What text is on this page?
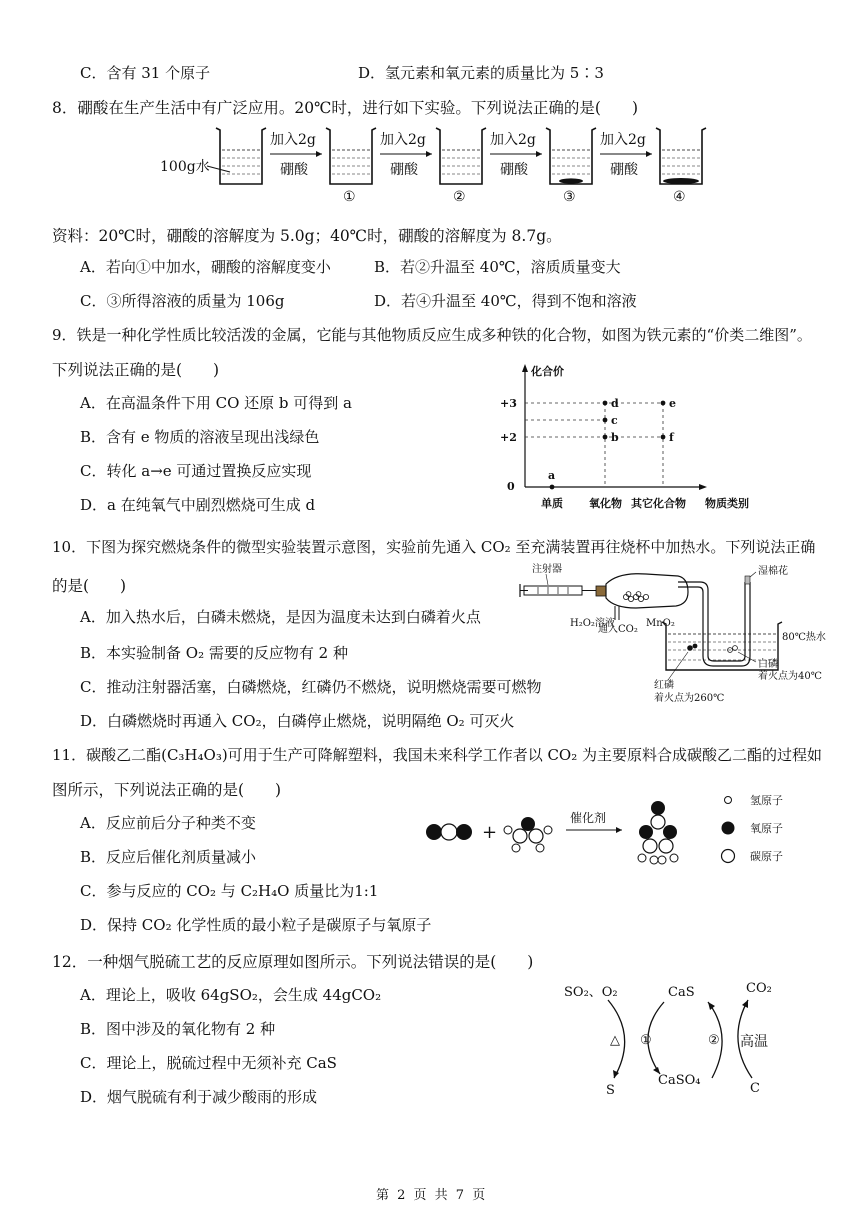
C．含有 31 个原子	D．氢元素和氧元素的质量比为 5∶3
8．硼酸在生产生活中有广泛应用。20℃时，进行如下实验。下列说法正确的是(　　)
100g水
加入2g
硼酸
①
加入2g
硼酸
②
加入2g
硼酸
③
加入2g
硼酸
④
资料：20℃时，硼酸的溶解度为 5.0g；40℃时，硼酸的溶解度为 8.7g。
A．若向①中加水，硼酸的溶解度变小	B．若②升温至 40℃，溶质质量变大
C．③所得溶液的质量为 106g	D．若④升温至 40℃，得到不饱和溶液
9．铁是一种化学性质比较活泼的金属，它能与其他物质反应生成多种铁的化合物，如图为铁元素的“价类二维图”。
下列说法正确的是(　　)
A．在高温条件下用 CO 还原 b 可得到 a
B．含有 e 物质的溶液呈现出浅绿色
C．转化 a→e 可通过置换反应实现
D．a 在纯氧气中剧烈燃烧可生成 d
化合价
+3
+2
0
a
b
c
d	e
f
单质 氧化物 其它化合物 物质类别
10．下图为探究燃烧条件的微型实验装置示意图，实验前先通入 CO₂ 至充满装置再往烧杯中加热水。下列说法正确
的是(　　)
A．加入热水后，白磷未燃烧，是因为温度未达到白磷着火点
B．本实验制备 O₂ 需要的反应物有 2 种
C．推动注射器活塞，白磷燃烧，红磷仍不燃烧，说明燃烧需要可燃物
D．白磷燃烧时再通入 CO₂，白磷停止燃烧，说明隔绝 O₂ 可灭火
注射器
H₂O₂溶液
通入CO₂
MnO₂
湿棉花
80℃热水
白磷
着火点为40℃
红磷
着火点为260℃
11．碳酸乙二酯(C₃H₄O₃)可用于生产可降解塑料，我国未来科学工作者以 CO₂ 为主要原料合成碳酸乙二酯的过程如
图所示，下列说法正确的是(　　)
A．反应前后分子种类不变
B．反应后催化剂质量减小
C．参与反应的 CO₂ 与 C₂H₄O 质量比为1:1
D．保持 CO₂ 化学性质的最小粒子是碳原子与氧原子
+
催化剂
氢原子
氧原子
碳原子
12．一种烟气脱硫工艺的反应原理如图所示。下列说法错误的是(　　)
A．理论上，吸收 64gSO₂，会生成 44gCO₂
B．图中涉及的氧化物有 2 种
C．理论上，脱硫过程中无须补充 CaS
D．烟气脱硫有利于减少酸雨的形成
SO₂、O₂	CaS	CO₂
△ ①	② 高温
S
CaSO₄
C
第 2 页 共 7 页
